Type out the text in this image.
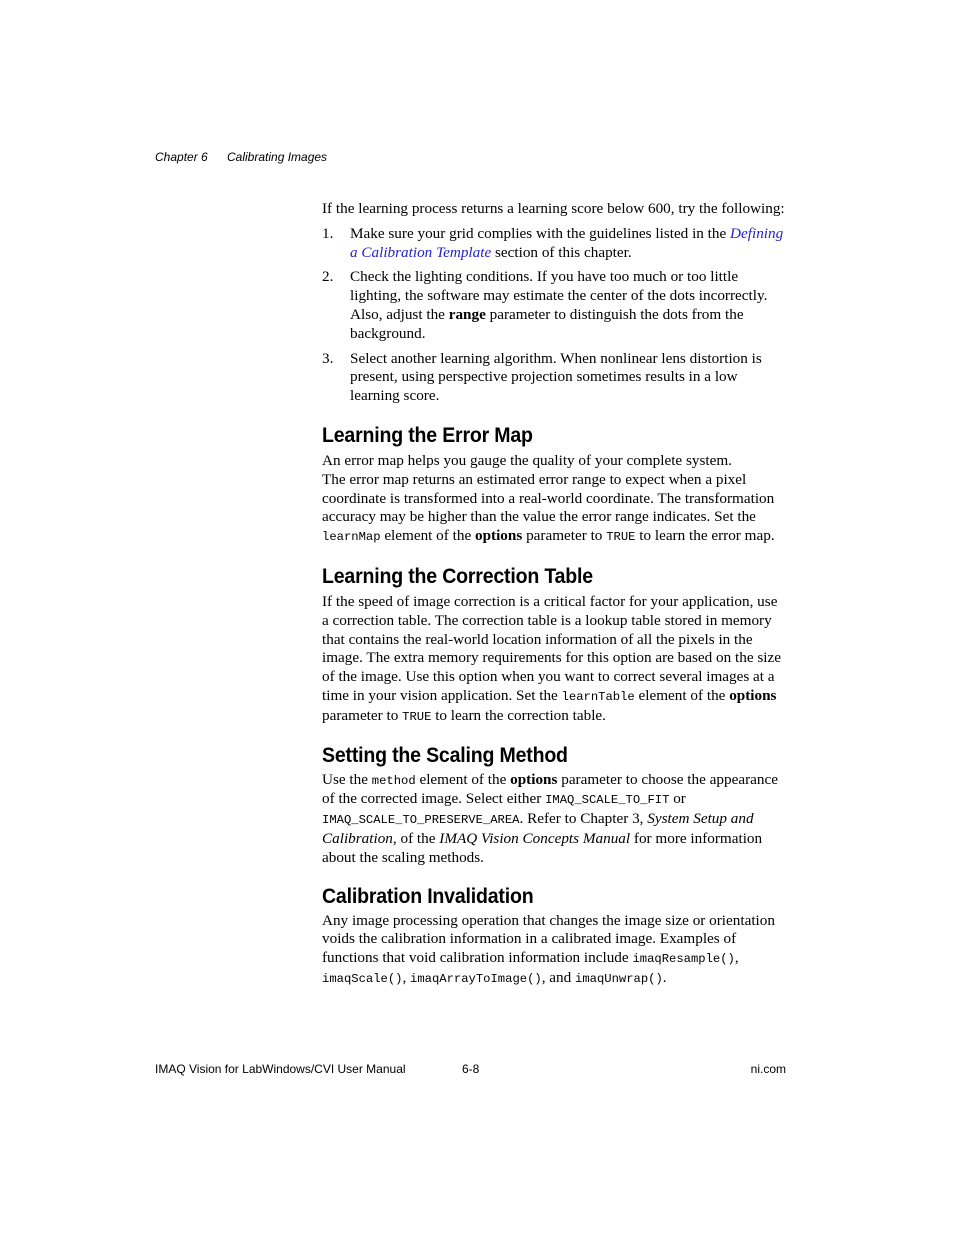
Chapter 6 Calibrating Images

If the learning process returns a learning score below 600, try the following:

1. Make sure your grid complies with the guidelines listed in the Defining a Calibration Template section of this chapter.
2. Check the lighting conditions. If you have too much or too little lighting, the software may estimate the center of the dots incorrectly. Also, adjust the range parameter to distinguish the dots from the background.
3. Select another learning algorithm. When nonlinear lens distortion is present, using perspective projection sometimes results in a low learning score.
Learning the Error Map

An error map helps you gauge the quality of your complete system.
The error map returns an estimated error range to expect when a pixel coordinate is transformed into a real-world coordinate. The transformation accuracy may be higher than the value the error range indicates. Set the learnMap element of the options parameter to TRUE to learn the error map.

Learning the Correction Table

If the speed of image correction is a critical factor for your application, use a correction table. The correction table is a lookup table stored in memory that contains the real-world location information of all the pixels in the image. The extra memory requirements for this option are based on the size of the image. Use this option when you want to correct several images at a time in your vision application. Set the learnTable element of the options parameter to TRUE to learn the correction table.

Setting the Scaling Method

Use the method element of the options parameter to choose the appearance of the corrected image. Select either IMAQ_SCALE_TO_FIT or IMAQ_SCALE_TO_PRESERVE_AREA. Refer to Chapter 3, System Setup and Calibration, of the IMAQ Vision Concepts Manual for more information about the scaling methods.

Calibration Invalidation

Any image processing operation that changes the image size or orientation voids the calibration information in a calibrated image. Examples of functions that void calibration information include imaqResample(), imaqScale(), imaqArrayToImage(), and imaqUnwrap().

IMAQ Vision for LabWindows/CVI User Manual	6-8	ni.com
